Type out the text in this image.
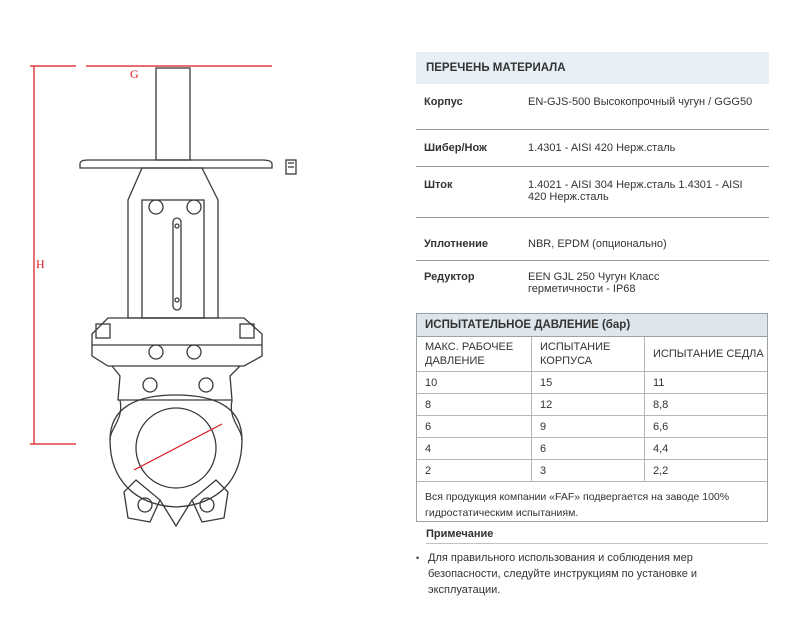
G
H
ПЕРЕЧЕНЬ МАТЕРИАЛА
Корпус	EN-GJS-500 Высокопрочный чугун / GGG50
Шибер/Нож	1.4301 - AISI 420 Нерж.сталь
Шток	1.4021 - AISI 304 Нерж.сталь 1.4301 - AISI 420 Нерж.сталь
Уплотнение	NBR, EPDM (опционально)
Редуктор	EEN GJL 250 Чугун Класс герметичности - IP68
ИСПЫТАТЕЛЬНОЕ ДАВЛЕНИЕ (бар)
МАКС. РАБОЧЕЕ ДАВЛЕНИЕ	ИСПЫТАНИЕ КОРПУСА	ИСПЫТАНИЕ СЕДЛА
10	15	11
8	12	8,8
6	9	6,6
4	6	4,4
2	3	2,2
Вся продукция компании «FAF» подвергается на заводе 100% гидростатическим испытаниям.
Примечание
• Для правильного использования и соблюдения мер безопасности, следуйте инструкциям по установке и эксплуатации.
